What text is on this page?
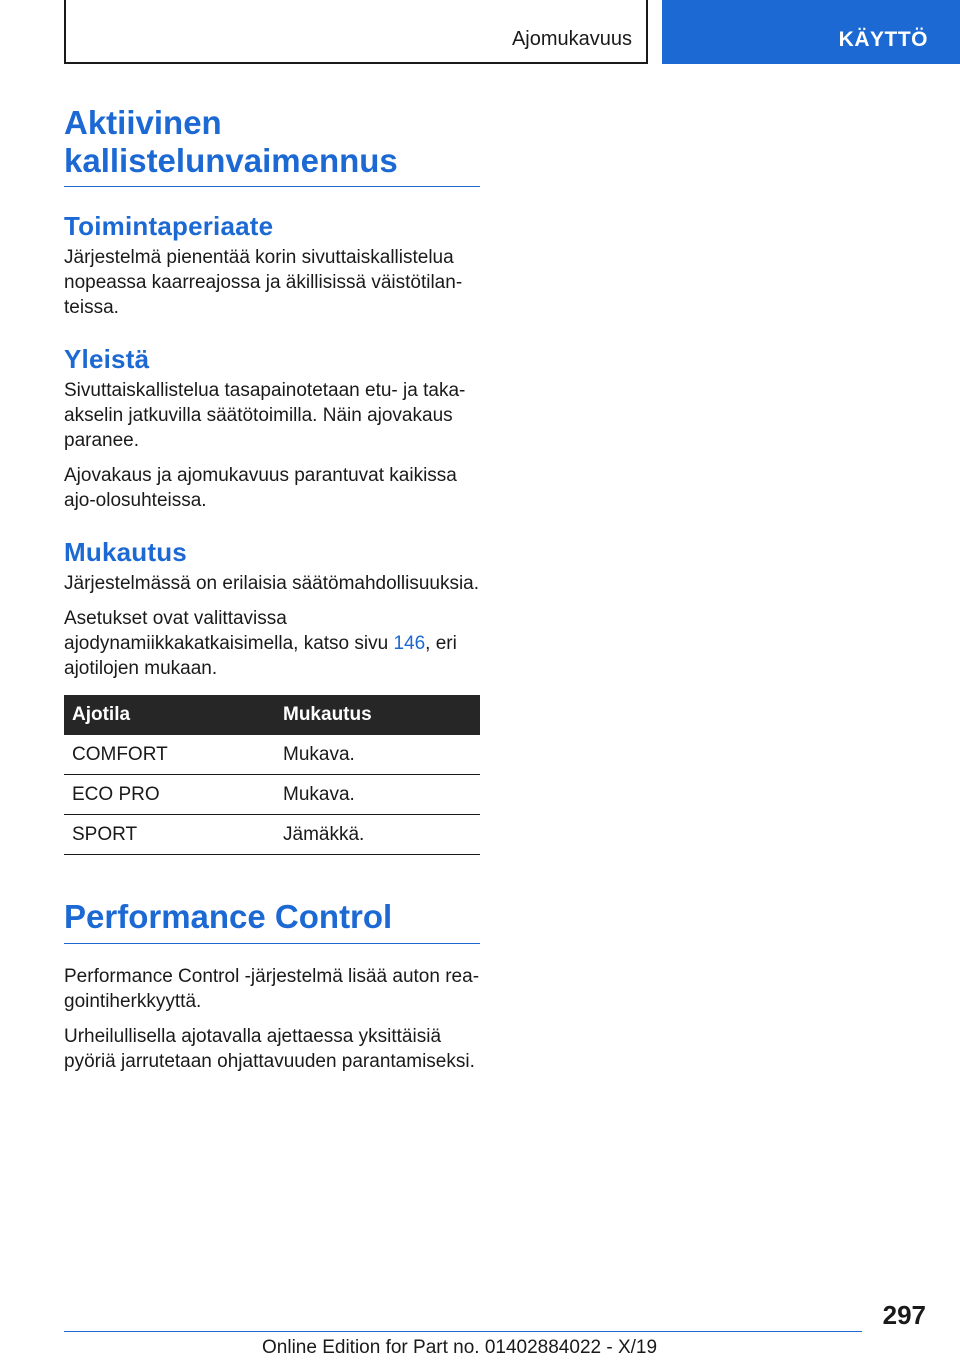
Ajomukavuus	KÄYTTÖ
Aktiivinen
kallistelunvaimennus
Toimintaperiaate

Järjestelmä pienentää korin sivuttaiskallistelua nopeassa kaarreajossa ja äkillisissä väistötilanteissa.

Yleistä

Sivuttaiskallistelua tasapainotetaan etu- ja takaakselin jatkuvilla säätötoimilla. Näin ajovakaus paranee.

Ajovakaus ja ajomukavuus parantuvat kaikissa ajo-olosuhteissa.

Mukautus

Järjestelmässä on erilaisia säätömahdollisuuksia.

Asetukset ovat valittavissa ajodynamiikkakatkaisimella, katso sivu 146, eri ajotilojen mukaan.

Ajotila	Mukautus
COMFORT	Mukava.
ECO PRO	Mukava.
SPORT	Jämäkkä.
Performance Control

Performance Control -järjestelmä lisää auton reagointiherkkyyttä.

Urheilullisella ajotavalla ajettaessa yksittäisiä pyöriä jarrutetaan ohjattavuuden parantamiseksi.

297
Online Edition for Part no. 01402884022 - X/19
